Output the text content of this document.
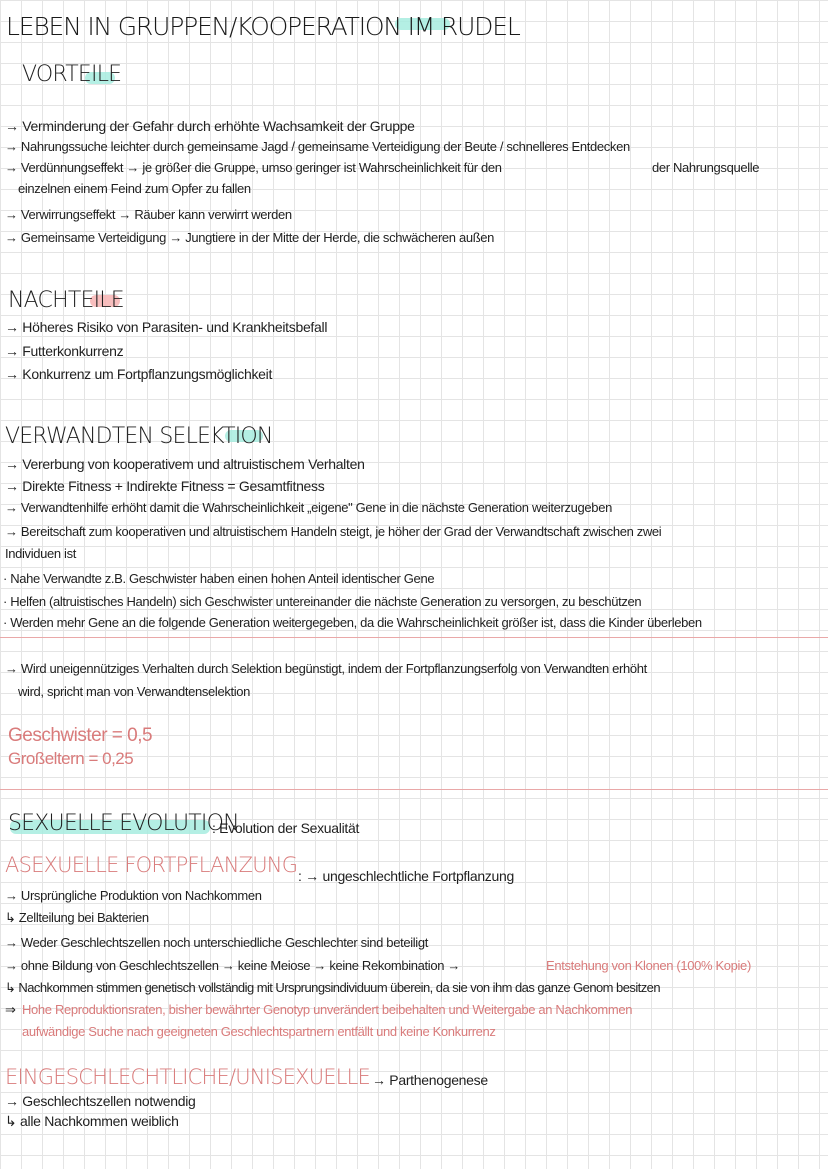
LEBEN IN GRUPPEN/KOOPERATION IM RUDEL
VORTEILE
→ Verminderung der Gefahr durch erhöhte Wachsamkeit der Gruppe
→ Nahrungssuche leichter durch gemeinsame Jagd / gemeinsame Verteidigung der Beute / schnelleres Entdecken
→ Verdünnungseffekt → je größer die Gruppe, umso geringer ist Wahrscheinlichkeit für den	der Nahrungsquelle
einzelnen einem Feind zum Opfer zu fallen
→ Verwirrungseffekt → Räuber kann verwirrt werden
→ Gemeinsame Verteidigung → Jungtiere in der Mitte der Herde, die schwächeren außen
NACHTEILE
→ Höheres Risiko von Parasiten- und Krankheitsbefall
→ Futterkonkurrenz
→ Konkurrenz um Fortpflanzungsmöglichkeit
VERWANDTEN SELEKTION
→ Vererbung von kooperativem und altruistischem Verhalten
→ Direkte Fitness + Indirekte Fitness = Gesamtfitness
→ Verwandtenhilfe erhöht damit die Wahrscheinlichkeit „eigene" Gene in die nächste Generation weiterzugeben
→ Bereitschaft zum kooperativen und altruistischem Handeln steigt, je höher der Grad der Verwandtschaft zwischen zwei
Individuen ist
· Nahe Verwandte z.B. Geschwister haben einen hohen Anteil identischer Gene
· Helfen (altruistisches Handeln) sich Geschwister untereinander die nächste Generation zu versorgen, zu beschützen
· Werden mehr Gene an die folgende Generation weitergegeben, da die Wahrscheinlichkeit größer ist, dass die Kinder überleben
→ Wird uneigennütziges Verhalten durch Selektion begünstigt, indem der Fortpflanzungserfolg von Verwandten erhöht
wird, spricht man von Verwandtenselektion
Geschwister = 0,5
Großeltern = 0,25
SEXUELLE EVOLUTION
: Evolution der Sexualität
ASEXUELLE FORTPFLANZUNG : → ungeschlechtliche Fortpflanzung
→ Ursprüngliche Produktion von Nachkommen
↳ Zellteilung bei Bakterien
→ Weder Geschlechtszellen noch unterschiedliche Geschlechter sind beteiligt
→ ohne Bildung von Geschlechtszellen → keine Meiose → keine Rekombination →	Entstehung von Klonen (100% Kopie)
↳ Nachkommen stimmen genetisch vollständig mit Ursprungsindividuum überein, da sie von ihm das ganze Genom besitzen
⇒ Hohe Reproduktionsraten, bisher bewährter Genotyp unverändert beibehalten und Weitergabe an Nachkommen
aufwändige Suche nach geeigneten Geschlechtspartnern entfällt und keine Konkurrenz
EINGESCHLECHTLICHE/UNISEXUELLE → Parthenogenese
→ Geschlechtszellen notwendig
↳ alle Nachkommen weiblich
